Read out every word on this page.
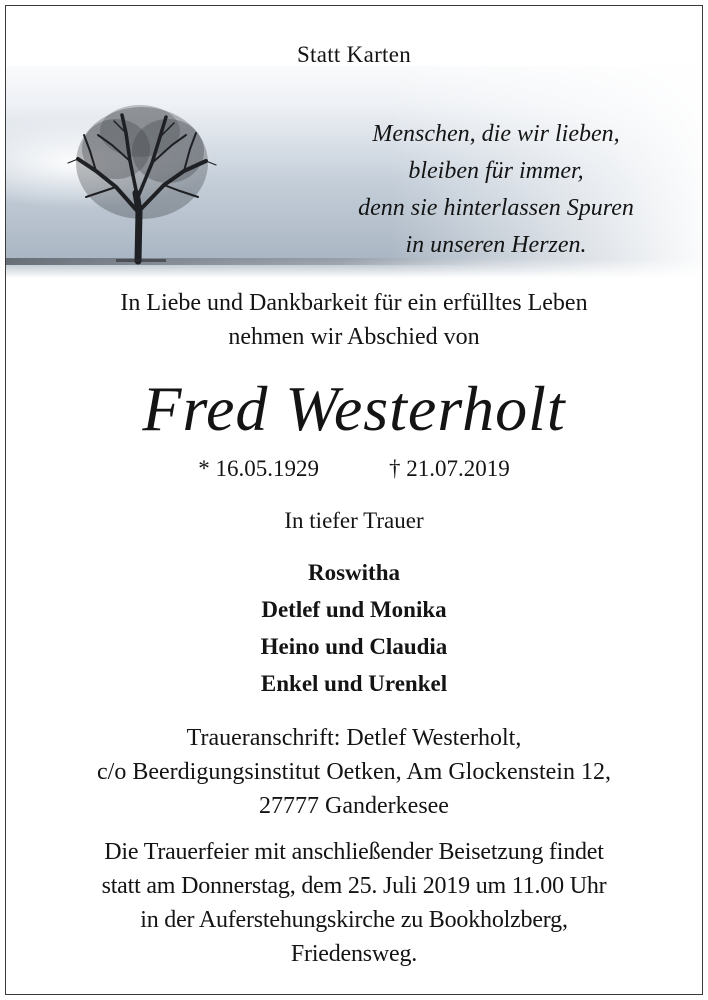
Statt Karten
Menschen, die wir lieben,
bleiben für immer,
denn sie hinterlassen Spuren
in unseren Herzen.
In Liebe und Dankbarkeit für ein erfülltes Leben
nehmen wir Abschied von
Fred Westerholt
* 16.05.1929	† 21.07.2019
In tiefer Trauer
Roswitha
Detlef und Monika
Heino und Claudia
Enkel und Urenkel
Traueranschrift: Detlef Westerholt,
c/o Beerdigungsinstitut Oetken, Am Glockenstein 12,
27777 Ganderkesee
Die Trauerfeier mit anschließender Beisetzung findet
statt am Donnerstag, dem 25. Juli 2019 um 11.00 Uhr
in der Auferstehungskirche zu Bookholzberg,
Friedensweg.
